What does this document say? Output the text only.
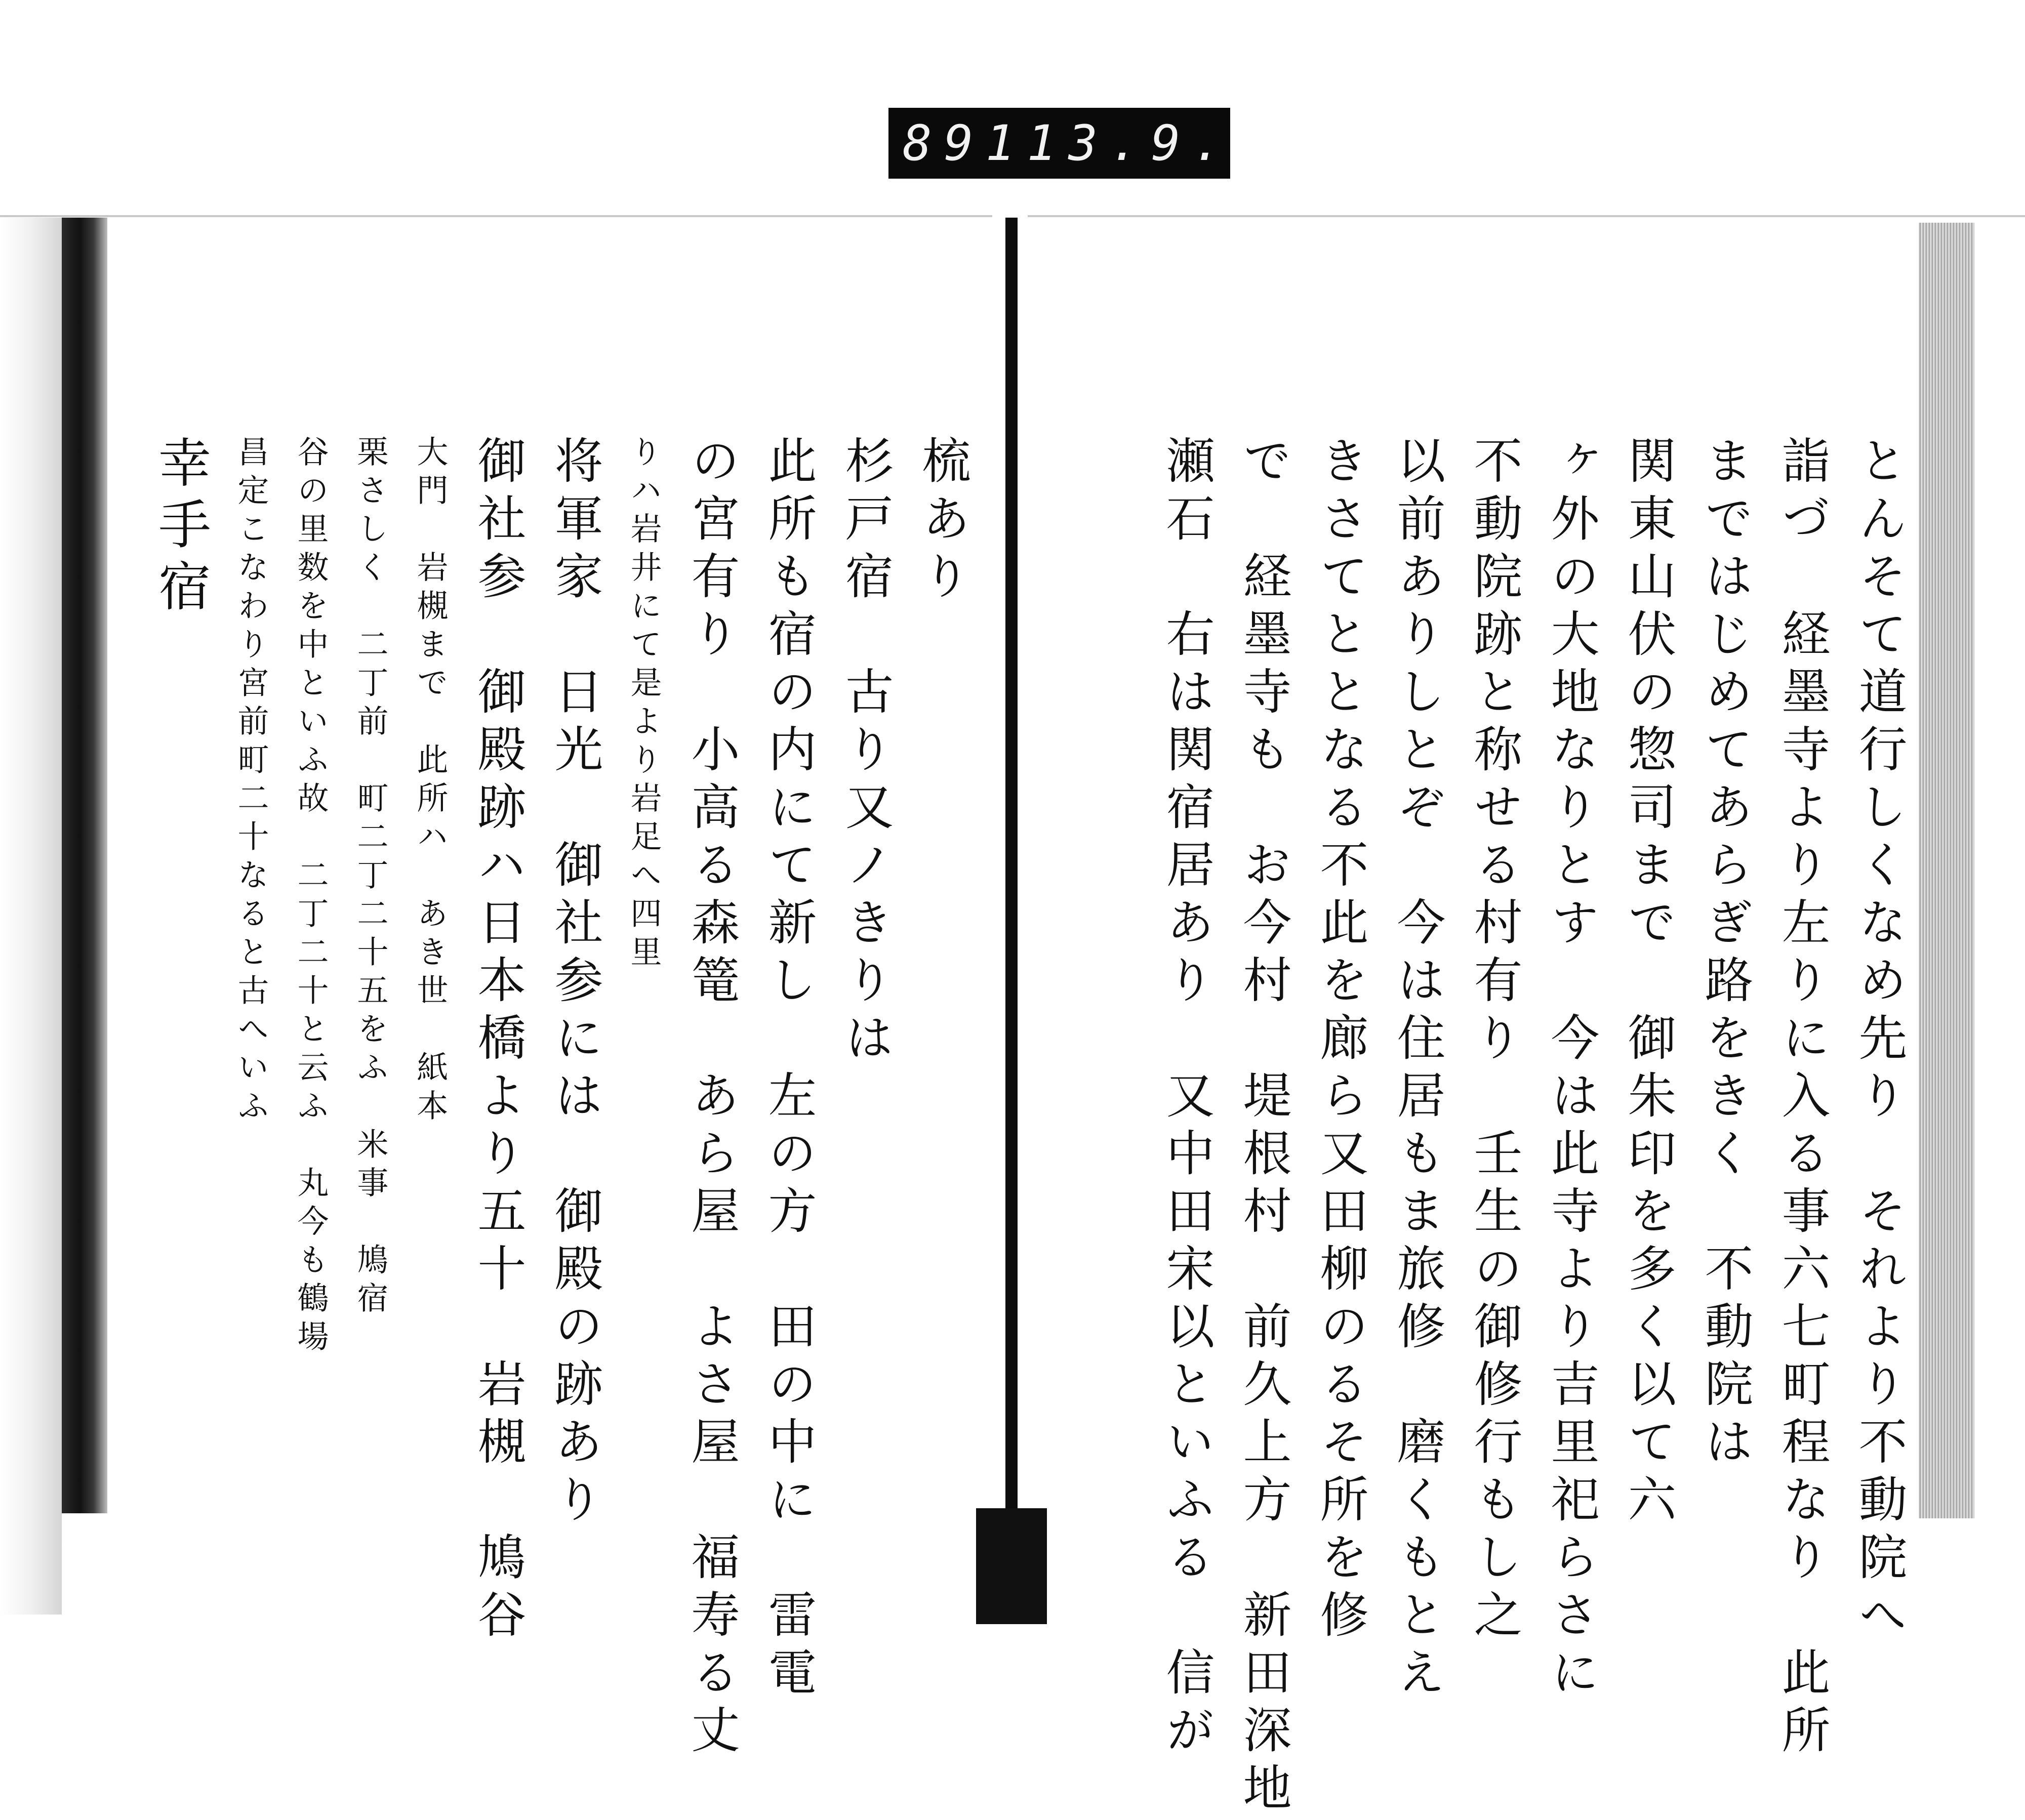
891 13.9.
とんそて道行しくなめ先り　それより不動院へ
詣づ　経墨寺より左りに入る事六七町程なり　此所
まではじめてあらぎ路をきく　不動院は
関東山伏の惣司まで　御朱印を多く以て六
ヶ外の大地なりとす　今は此寺より吉里祀らさに
不動院跡と称せる村有り　壬生の御修行もし之
以前ありしとぞ　今は住居もま旅修　磨くもとえ
きさてととなる不此を廊ら又田柳のるそ所を修
で　経墨寺も　お今村　堤根村　前久上方　新田深地
瀬石　右は関宿居あり　又中田宋以といふる　信が
梳あり
杉戸宿　古り又ノきりは
此所も宿の内にて新し　左の方　田の中に　雷電
の宮有り　小高る森篭　あら屋　よさ屋　福寿る丈
りハ岩井にて是より岩足へ四里
将軍家　日光　御社参には　御殿の跡あり
御社参　御殿跡ハ日本橋より五十　岩槻　鳩谷
大門　岩槻まで　此所ハ　あき世　紙本
栗さしく　二丁前　町二丁二十五をふ　米事　鳩宿
谷の里数を中といふ故　二丁二十と云ふ　丸今も鶴場
昌定こなわり宮前町二十なると古へいふ
幸手宿
